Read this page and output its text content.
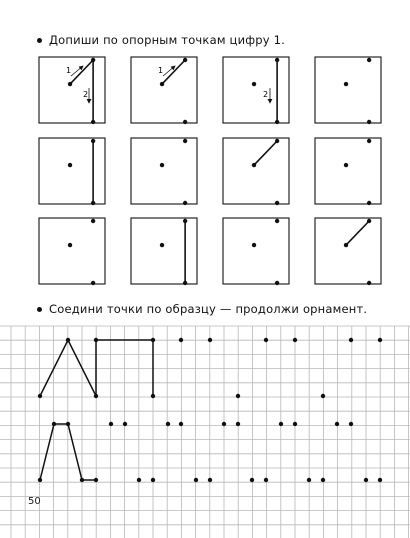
Допиши по опорным точкам цифру 1.
Соедини точки по образцу — продолжи орнамент.
1
2
1
2
50
